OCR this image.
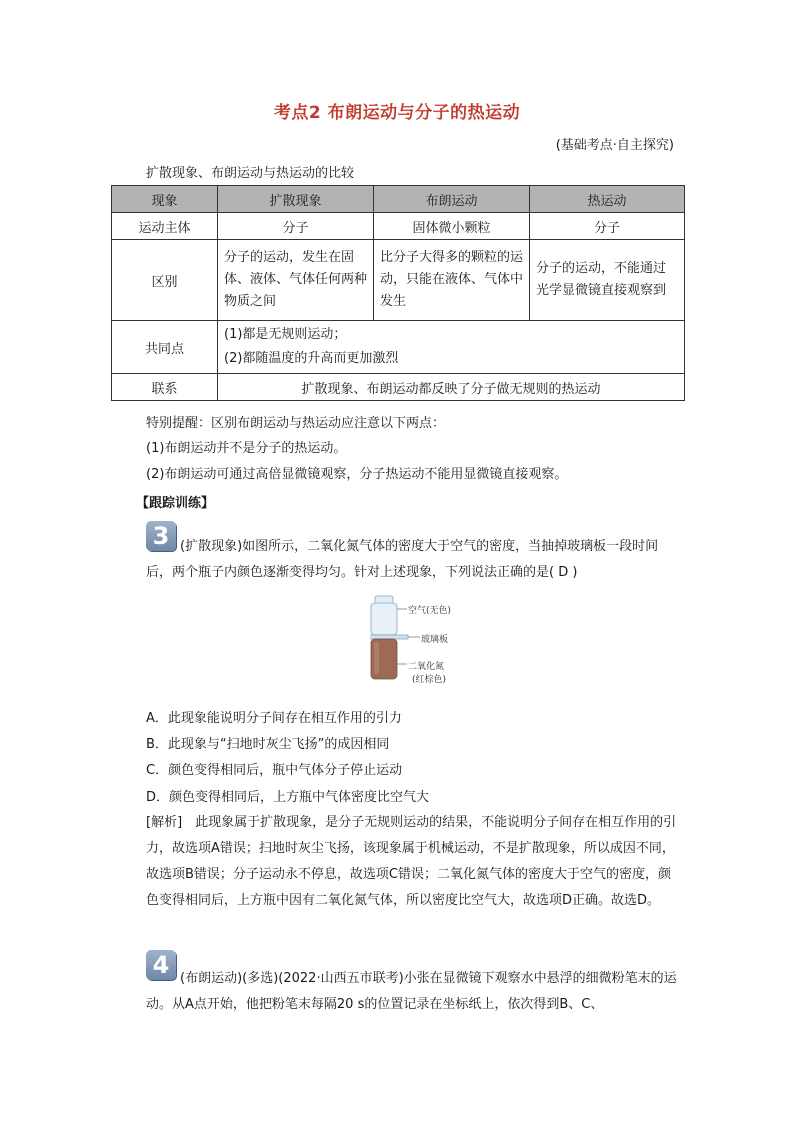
考点2 布朗运动与分子的热运动
(基础考点·自主探究)
扩散现象、布朗运动与热运动的比较
现象	扩散现象	布朗运动	热运动
运动主体	分子	固体微小颗粒	分子
区别	分子的运动，发生在固体、液体、气体任何两种物质之间	比分子大得多的颗粒的运动，只能在液体、气体中发生	分子的运动，不能通过光学显微镜直接观察到
共同点	(1)都是无规则运动；
(2)都随温度的升高而更加激烈		

联系	扩散现象、布朗运动都反映了分子做无规则的热运动		
特别提醒：区别布朗运动与热运动应注意以下两点：
(1)布朗运动并不是分子的热运动。
(2)布朗运动可通过高倍显微镜观察，分子热运动不能用显微镜直接观察。
【跟踪训练】
3 (扩散现象)如图所示，二氧化氮气体的密度大于空气的密度，当抽掉玻璃板一段时间后，两个瓶子内颜色逐渐变得均匀。针对上述现象，下列说法正确的是( D )
空气(无色)
玻璃板
二氧化氮
(红棕色)
A．此现象能说明分子间存在相互作用的引力
B．此现象与“扫地时灰尘飞扬”的成因相同
C．颜色变得相同后，瓶中气体分子停止运动
D．颜色变得相同后，上方瓶中气体密度比空气大
[解析]　此现象属于扩散现象，是分子无规则运动的结果，不能说明分子间存在相互作用的引力，故选项A错误；扫地时灰尘飞扬，该现象属于机械运动，不是扩散现象，所以成因不同，故选项B错误；分子运动永不停息，故选项C错误；二氧化氮气体的密度大于空气的密度，颜色变得相同后，上方瓶中因有二氧化氮气体，所以密度比空气大，故选项D正确。故选D。
4 (布朗运动)(多选)(2022·山西五市联考)小张在显微镜下观察水中悬浮的细微粉笔末的运动。从A点开始，他把粉笔末每隔20 s的位置记录在坐标纸上，依次得到B、C、
